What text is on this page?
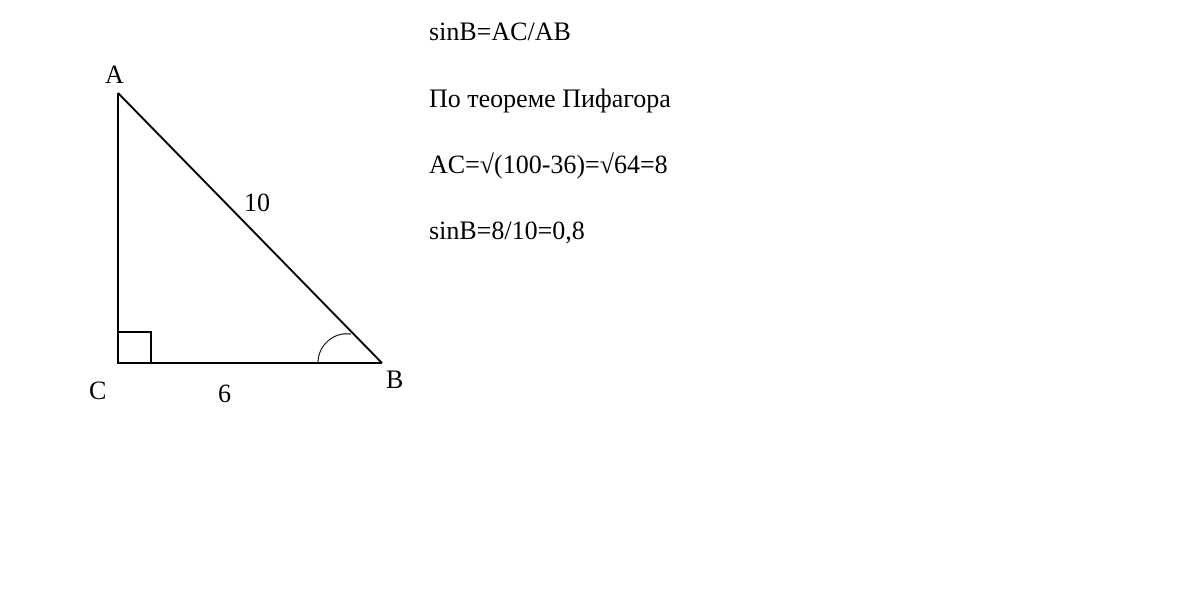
A
C	B
10
6

sinB=AC/AB

По теореме Пифагора

AC=√(100-36)=√64=8

sinB=8/10=0,8
